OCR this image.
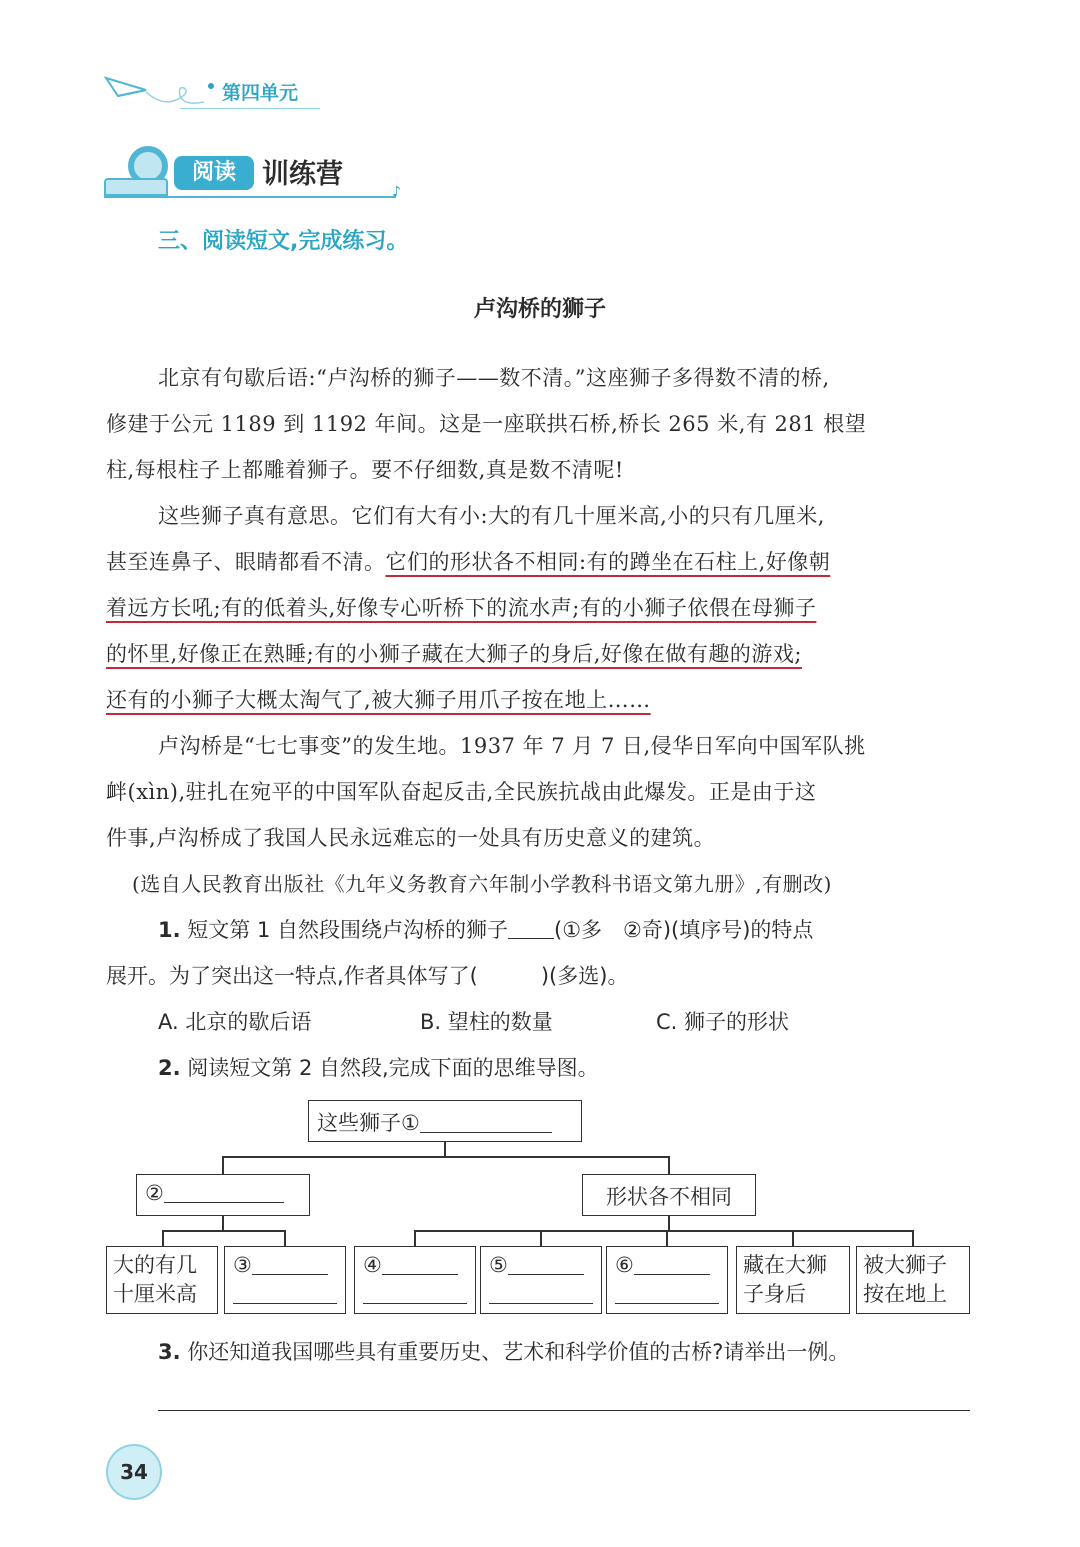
第四单元
阅读 训练营
♪
三、阅读短文,完成练习。
卢沟桥的狮子
北京有句歇后语:“卢沟桥的狮子——数不清。”这座狮子多得数不清的桥,
修建于公元 1189 到 1192 年间。这是一座联拱石桥,桥长 265 米,有 281 根望
柱,每根柱子上都雕着狮子。要不仔细数,真是数不清呢!
这些狮子真有意思。它们有大有小:大的有几十厘米高,小的只有几厘米,
甚至连鼻子、眼睛都看不清。它们的形状各不相同:有的蹲坐在石柱上,好像朝
着远方长吼;有的低着头,好像专心听桥下的流水声;有的小狮子依偎在母狮子
的怀里,好像正在熟睡;有的小狮子藏在大狮子的身后,好像在做有趣的游戏;
还有的小狮子大概太淘气了,被大狮子用爪子按在地上……
卢沟桥是“七七事变”的发生地。1937 年 7 月 7 日,侵华日军向中国军队挑
衅(xìn),驻扎在宛平的中国军队奋起反击,全民族抗战由此爆发。正是由于这
件事,卢沟桥成了我国人民永远难忘的一处具有历史意义的建筑。
(选自人民教育出版社《九年义务教育六年制小学教科书语文第九册》,有删改)
1. 短文第 1 自然段围绕卢沟桥的狮子 (①多　②奇)(填序号)的特点
展开。为了突出这一特点,作者具体写了(　　　)(多选)。
A. 北京的歇后语	B. 望柱的数量	C. 狮子的形状
2. 阅读短文第 2 自然段,完成下面的思维导图。
这些狮子①
②	形状各不相同
大的有几
十厘米高
③	④	⑤	⑥	藏在大狮
子身后
被大狮子
按在地上
3. 你还知道我国哪些具有重要历史、艺术和科学价值的古桥?请举出一例。
34
